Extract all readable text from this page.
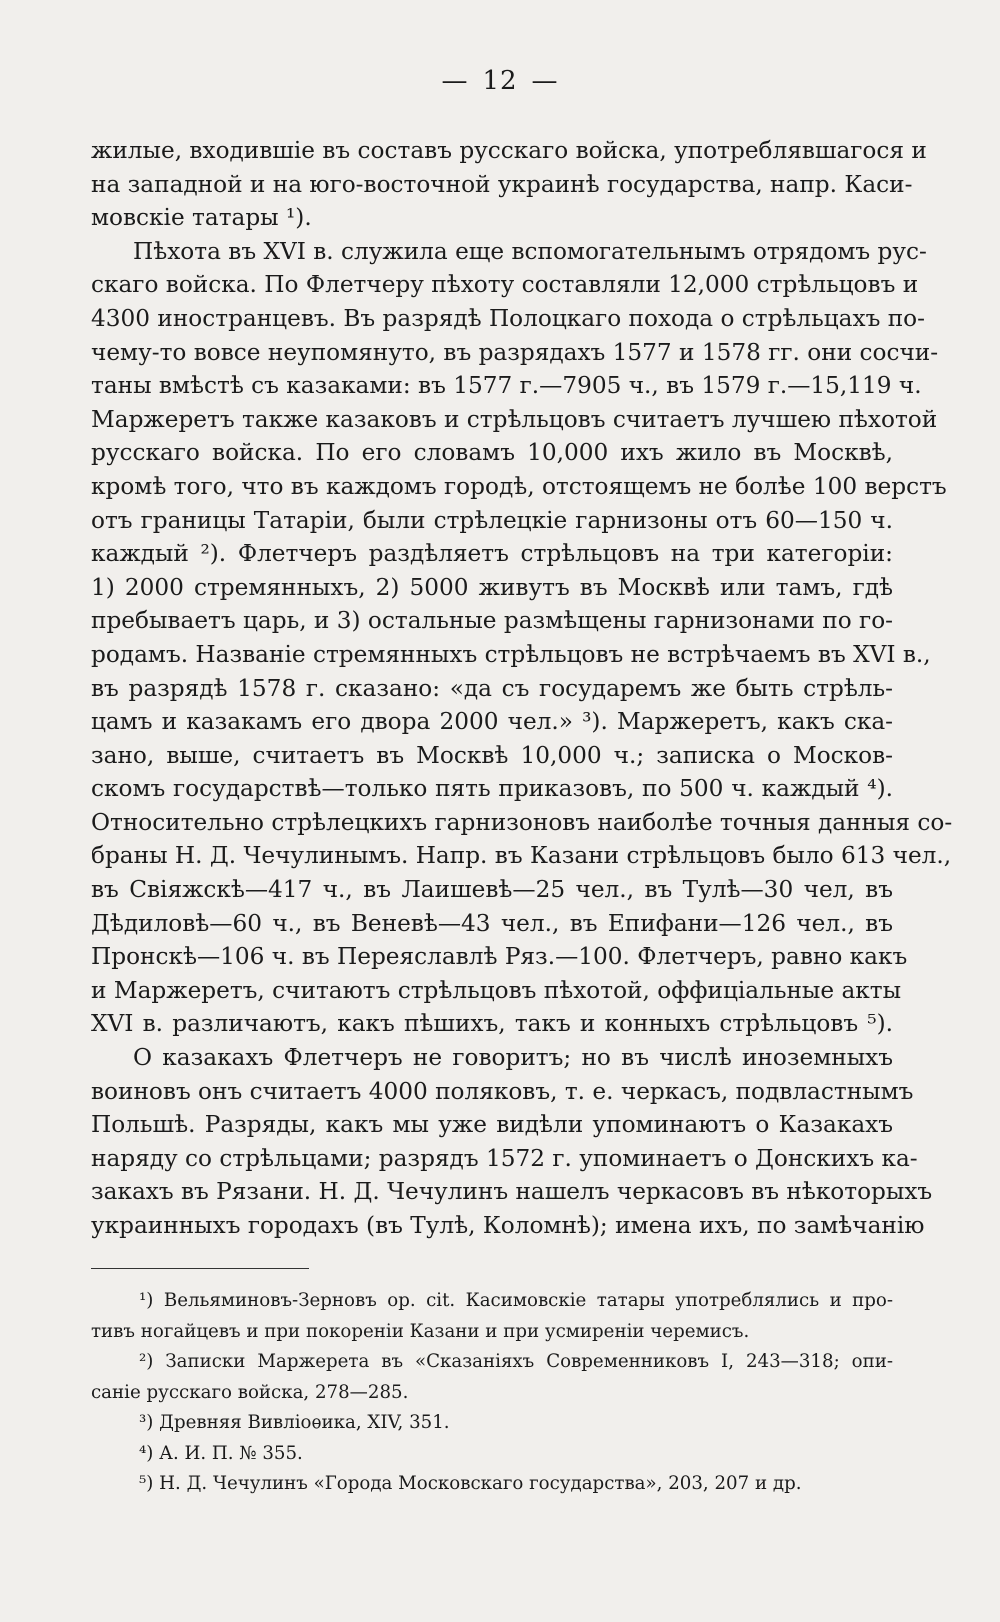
— 12 —
жилые, входившiе въ составъ русскаго войска, употреблявшагося и
на западной и на юго-восточной украинѣ государства, напр. Каси-
мовскiе татары ¹).
Пѣхота въ XVI в. служила еще вспомогательнымъ отрядомъ рус-
скаго войска. По Флетчеру пѣхоту составляли 12,000 стрѣльцовъ и
4300 иностранцевъ. Въ разрядѣ Полоцкаго похода о стрѣльцахъ по-
чему-то вовсе неупомянуто, въ разрядахъ 1577 и 1578 гг. они сосчи-
таны вмѣстѣ съ казаками: въ 1577 г.—7905 ч., въ 1579 г.—15,119 ч.
Маржеретъ также казаковъ и стрѣльцовъ считаетъ лучшею пѣхотой
русскаго войска. По его словамъ 10,000 ихъ жило въ Москвѣ,
кромѣ того, что въ каждомъ городѣ, отстоящемъ не болѣе 100 верстъ
отъ границы Татарiи, были стрѣлецкiе гарнизоны отъ 60—150 ч.
каждый ²). Флетчеръ раздѣляетъ стрѣльцовъ на три категорiи:
1) 2000 стремянныхъ, 2) 5000 живутъ въ Москвѣ или тамъ, гдѣ
пребываетъ царь, и 3) остальные размѣщены гарнизонами по го-
родамъ. Названiе стремянныхъ стрѣльцовъ не встрѣчаемъ въ XVI в.,
въ разрядѣ 1578 г. сказано: «да съ государемъ же быть стрѣль-
цамъ и казакамъ его двора 2000 чел.» ³). Маржеретъ, какъ ска-
зано, выше, считаетъ въ Москвѣ 10,000 ч.; записка о Москов-
скомъ государствѣ—только пять приказовъ, по 500 ч. каждый ⁴).
Относительно стрѣлецкихъ гарнизоновъ наиболѣе точныя данныя со-
браны Н. Д. Чечулинымъ. Напр. въ Казани стрѣльцовъ было 613 чел.,
въ Свiяжскѣ—417 ч., въ Лаишевѣ—25 чел., въ Тулѣ—30 чел, въ
Дѣдиловѣ—60 ч., въ Веневѣ—43 чел., въ Епифани—126 чел., въ
Пронскѣ—106 ч. въ Переяславлѣ Ряз.—100. Флетчеръ, равно какъ
и Маржеретъ, считаютъ стрѣльцовъ пѣхотой, оффицiальные акты
XVI в. различаютъ, какъ пѣшихъ, такъ и конныхъ стрѣльцовъ ⁵).
О казакахъ Флетчеръ не говоритъ; но въ числѣ иноземныхъ
воиновъ онъ считаетъ 4000 поляковъ, т. е. черкасъ, подвластнымъ
Польшѣ. Разряды, какъ мы уже видѣли упоминаютъ о Казакахъ
наряду со стрѣльцами; разрядъ 1572 г. упоминаетъ о Донскихъ ка-
закахъ въ Рязани. Н. Д. Чечулинъ нашелъ черкасовъ въ нѣкоторыхъ
украинныхъ городахъ (въ Тулѣ, Коломнѣ); имена ихъ, по замѣчанiю
¹) Вельяминовъ-Зерновъ ор. cit. Касимовскiе татары употреблялись и про-
тивъ ногайцевъ и при покоренiи Казани и при усмиренiи черемисъ.
²) Записки Маржерета въ «Сказанiяхъ Современниковъ I, 243—318; опи-
санiе русскаго войска, 278—285.
³) Древняя Вивлiоѳика, XIV, 351.
⁴) А. И. П. № 355.
⁵) Н. Д. Чечулинъ «Города Московскаго государства», 203, 207 и др.
